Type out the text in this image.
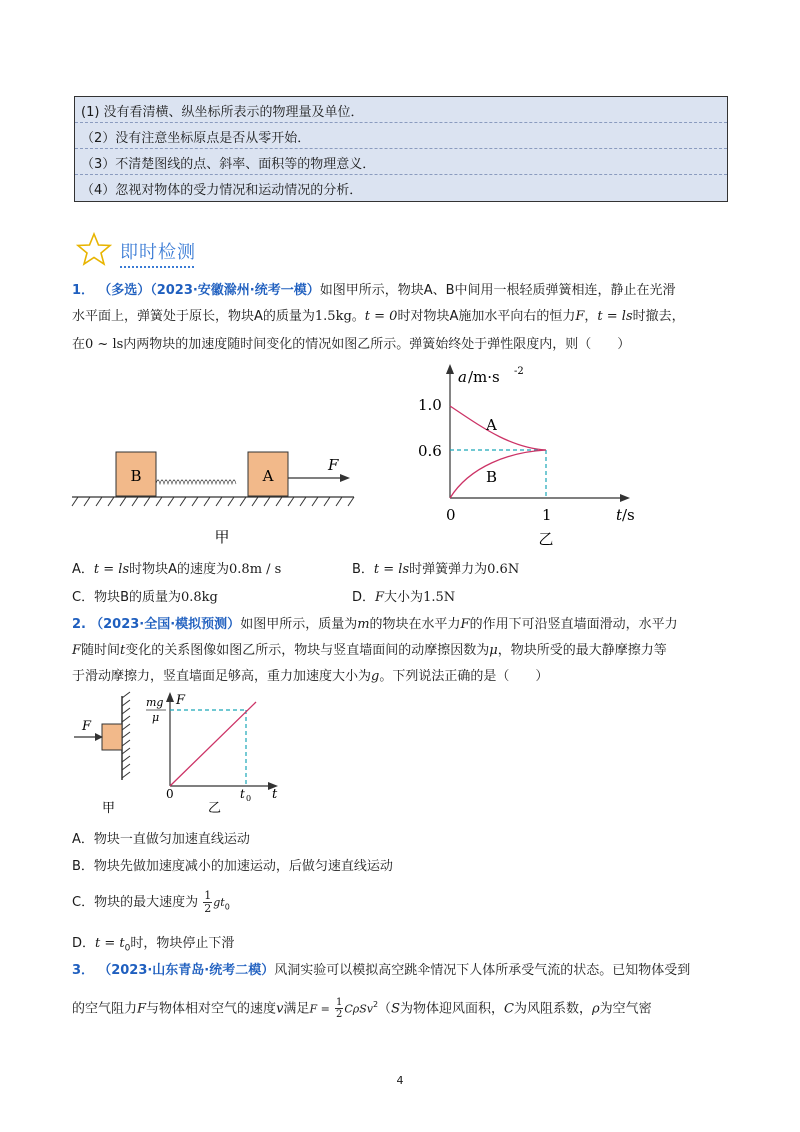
(1) 没有看清横、纵坐标所表示的物理量及单位．
（2）没有注意坐标原点是否从零开始．
（3）不清楚图线的点、斜率、面积等的物理意义．
（4）忽视对物体的受力情况和运动情况的分析．
即时检测
1． （多选）（2023·安徽滁州·统考一模）如图甲所示，物块A、B中间用一根轻质弹簧相连，静止在光滑
水平面上，弹簧处于原长，物块A的质量为1.5kg。t = 0时对物块A施加水平向右的恒力F，t = ls时撤去，
在0 ~ ls内两物块的加速度随时间变化的情况如图乙所示。弹簧始终处于弹性限度内，则（　　）
B	A
F
甲
a /m·s -2
1.0
0.6
A
B
0	1	t /s
乙
A．t = ls时物块A的速度为0.8m / s	B．t = ls时弹簧弹力为0.6N
C．物块B的质量为0.8kg	D．F大小为1.5N
2. （2023·全国·模拟预测）如图甲所示，质量为m的物块在水平力F的作用下可沿竖直墙面滑动，水平力
F随时间t变化的关系图像如图乙所示，物块与竖直墙面间的动摩擦因数为μ，物块所受的最大静摩擦力等
于滑动摩擦力，竖直墙面足够高，重力加速度大小为g。下列说法正确的是（　　）
F
甲
F
mg
μ
0	t 0 t
乙
A．物块一直做匀加速直线运动
B．物块先做加速度减小的加速运动，后做匀速直线运动
C．物块的最大速度为 $\frac{1}{2} gt_0$
D．$t = t_0$时，物块停止下滑
3． （2023·山东青岛·统考二模）风洞实验可以模拟高空跳伞情况下人体所承受气流的状态。已知物体受到
的空气阻力F与物体相对空气的速度v满足$F = \frac{1}{2} C\rho Sv^2(S$为物体迎风面积，C为风阻系数，ρ为空气密
4
